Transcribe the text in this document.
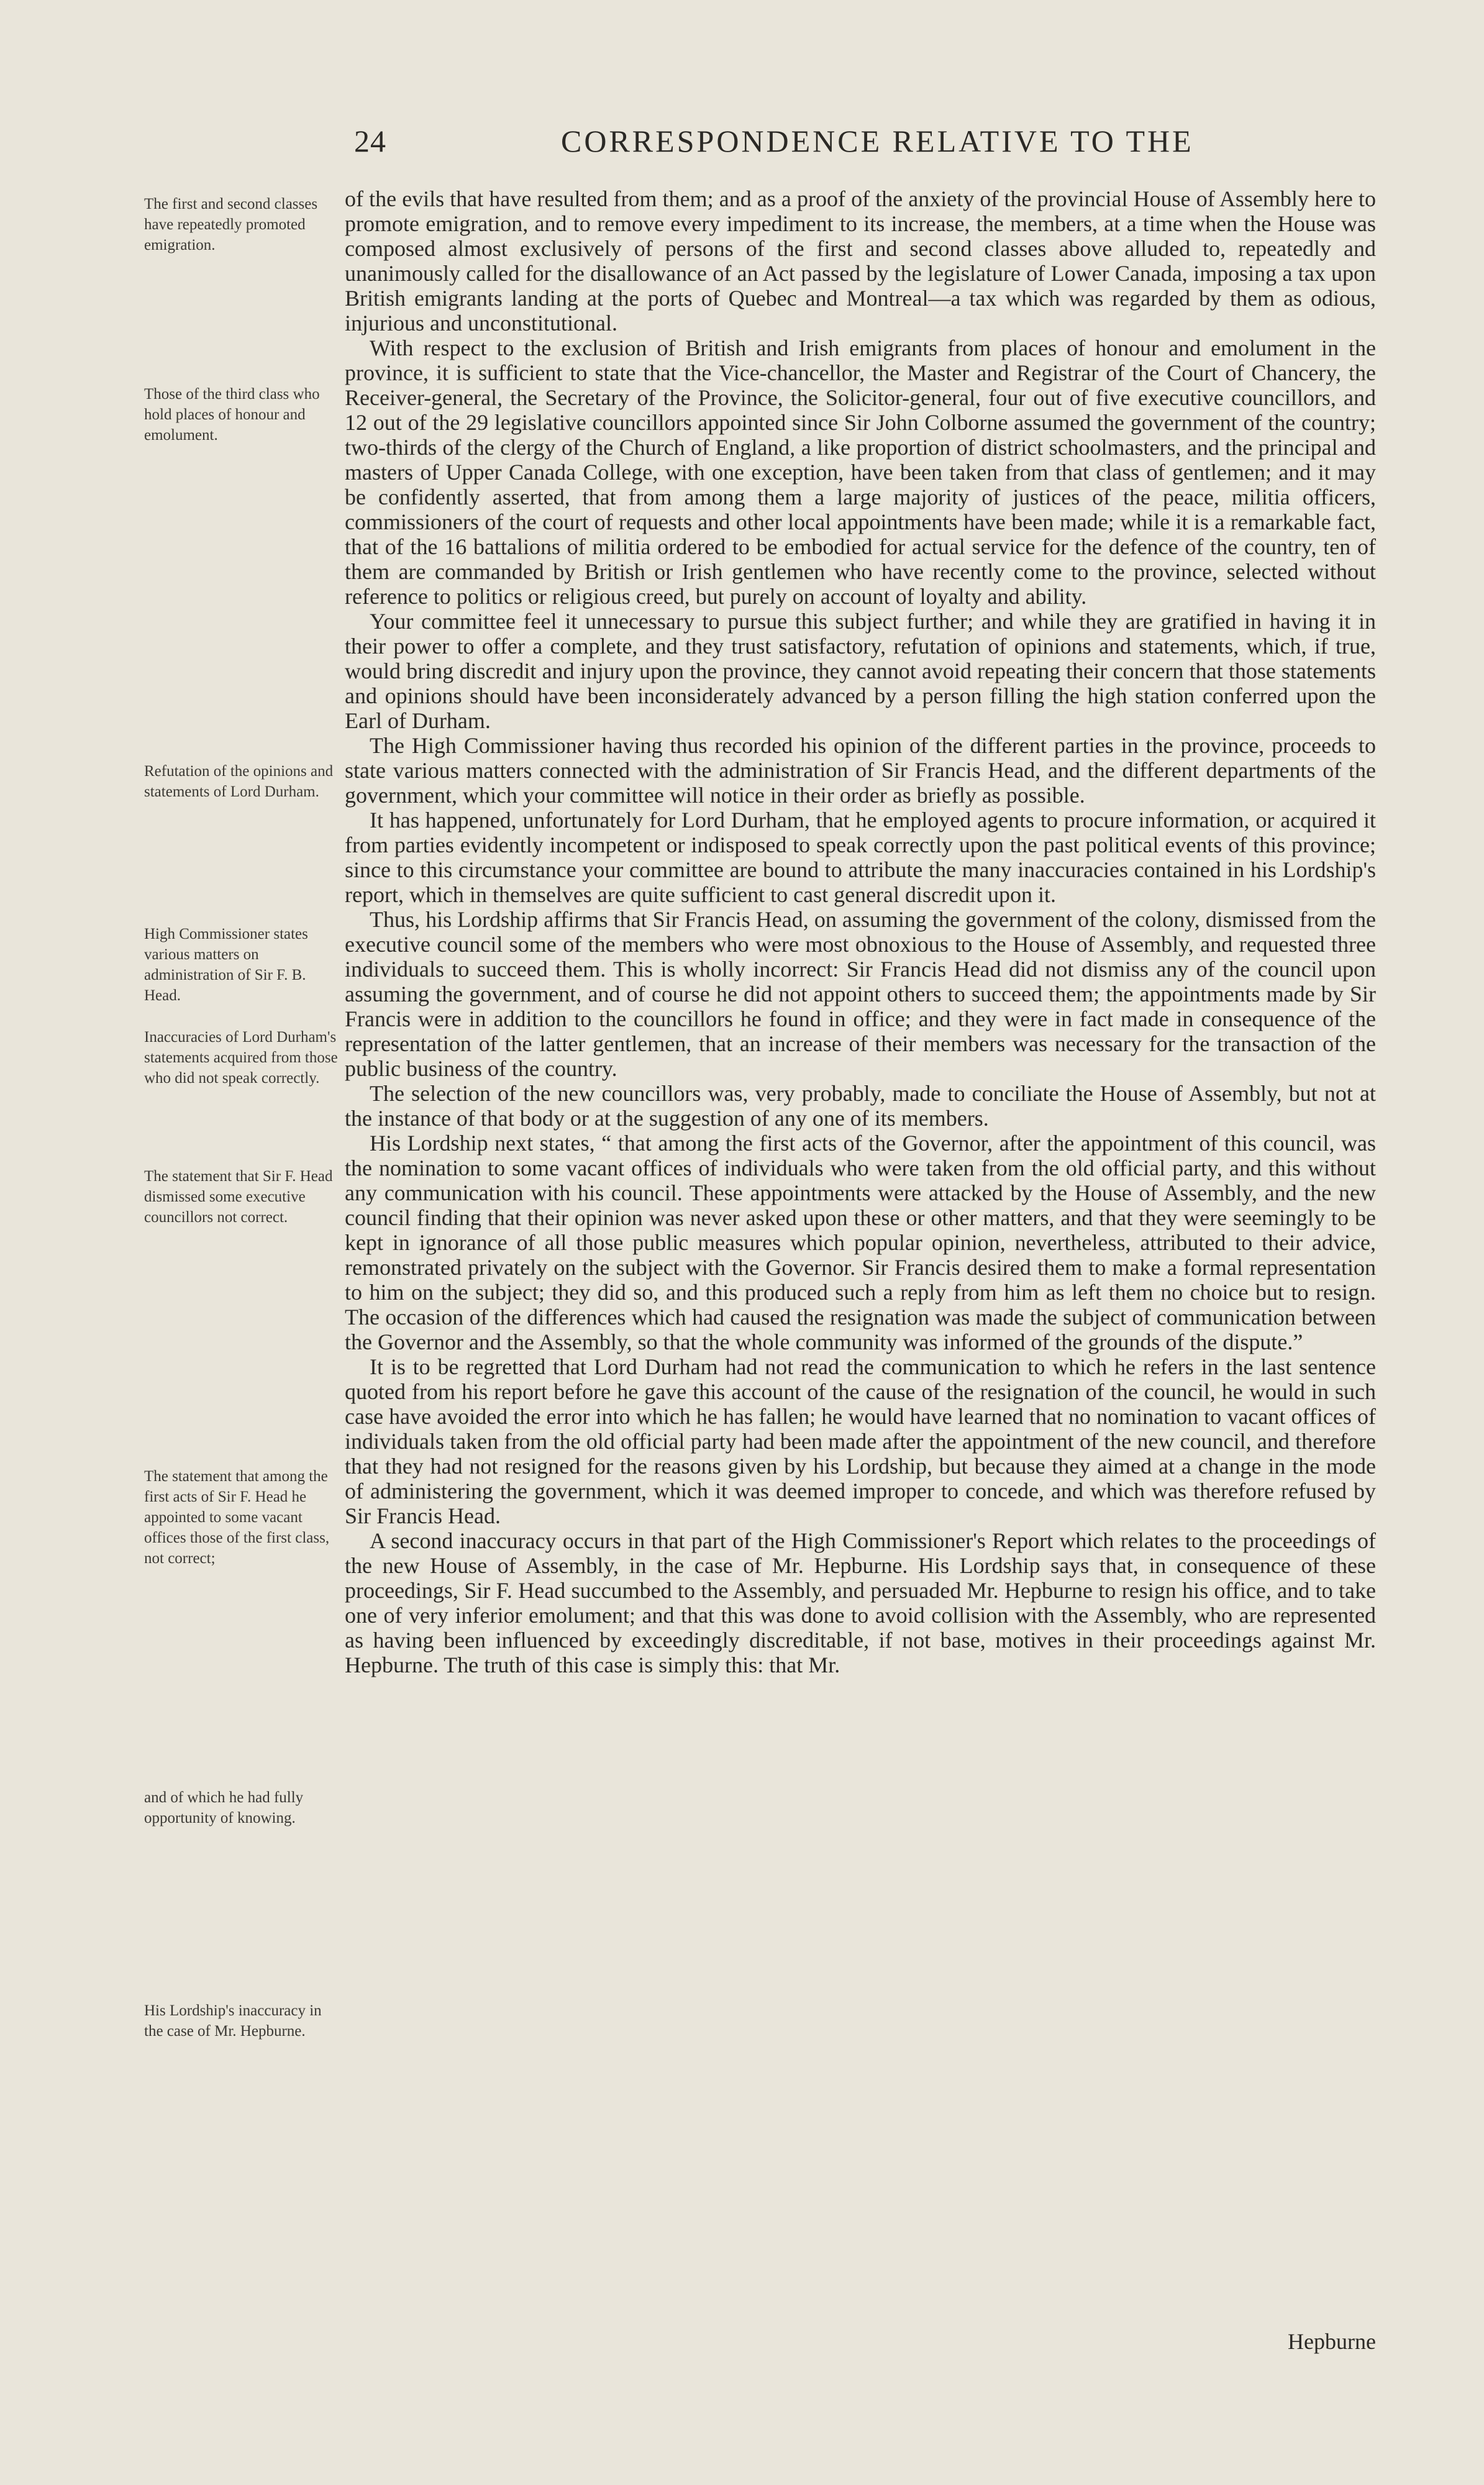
24	CORRESPONDENCE RELATIVE TO THE
The first and second classes have repeatedly promoted emigration.
Those of the third class who hold places of honour and emolument.
Refutation of the opinions and statements of Lord Durham.
High Commissioner states various matters on administration of Sir F. B. Head.
Inaccuracies of Lord Durham's statements acquired from those who did not speak correctly.
The statement that Sir F. Head dismissed some executive councillors not correct.
The statement that among the first acts of Sir F. Head he appointed to some vacant offices those of the first class, not correct;
and of which he had fully opportunity of knowing.
His Lordship's inaccuracy in the case of Mr. Hepburne.

of the evils that have resulted from them; and as a proof of the anxiety of the provincial House of Assembly here to promote emigration, and to remove every impediment to its increase, the members, at a time when the House was composed almost exclusively of persons of the first and second classes above alluded to, repeatedly and unanimously called for the disallowance of an Act passed by the legislature of Lower Canada, imposing a tax upon British emigrants landing at the ports of Quebec and Montreal—a tax which was regarded by them as odious, injurious and unconstitutional.

With respect to the exclusion of British and Irish emigrants from places of honour and emolument in the province, it is sufficient to state that the Vice-chancellor, the Master and Registrar of the Court of Chancery, the Receiver-general, the Secretary of the Province, the Solicitor-general, four out of five executive councillors, and 12 out of the 29 legislative councillors appointed since Sir John Colborne assumed the government of the country; two-thirds of the clergy of the Church of England, a like proportion of district schoolmasters, and the principal and masters of Upper Canada College, with one exception, have been taken from that class of gentlemen; and it may be confidently asserted, that from among them a large majority of justices of the peace, militia officers, commissioners of the court of requests and other local appointments have been made; while it is a remarkable fact, that of the 16 battalions of militia ordered to be embodied for actual service for the defence of the country, ten of them are commanded by British or Irish gentlemen who have recently come to the province, selected without reference to politics or religious creed, but purely on account of loyalty and ability.

Your committee feel it unnecessary to pursue this subject further; and while they are gratified in having it in their power to offer a complete, and they trust satisfactory, refutation of opinions and statements, which, if true, would bring discredit and injury upon the province, they cannot avoid repeating their concern that those statements and opinions should have been inconsiderately advanced by a person filling the high station conferred upon the Earl of Durham.

The High Commissioner having thus recorded his opinion of the different parties in the province, proceeds to state various matters connected with the administration of Sir Francis Head, and the different departments of the government, which your committee will notice in their order as briefly as possible.

It has happened, unfortunately for Lord Durham, that he employed agents to procure information, or acquired it from parties evidently incompetent or indisposed to speak correctly upon the past political events of this province; since to this circumstance your committee are bound to attribute the many inaccuracies contained in his Lordship's report, which in themselves are quite sufficient to cast general discredit upon it.

Thus, his Lordship affirms that Sir Francis Head, on assuming the government of the colony, dismissed from the executive council some of the members who were most obnoxious to the House of Assembly, and requested three individuals to succeed them. This is wholly incorrect: Sir Francis Head did not dismiss any of the council upon assuming the government, and of course he did not appoint others to succeed them; the appointments made by Sir Francis were in addition to the councillors he found in office; and they were in fact made in consequence of the representation of the latter gentlemen, that an increase of their members was necessary for the transaction of the public business of the country.

The selection of the new councillors was, very probably, made to conciliate the House of Assembly, but not at the instance of that body or at the suggestion of any one of its members.

His Lordship next states, “ that among the first acts of the Governor, after the appointment of this council, was the nomination to some vacant offices of individuals who were taken from the old official party, and this without any communication with his council. These appointments were attacked by the House of Assembly, and the new council finding that their opinion was never asked upon these or other matters, and that they were seemingly to be kept in ignorance of all those public measures which popular opinion, nevertheless, attributed to their advice, remonstrated privately on the subject with the Governor. Sir Francis desired them to make a formal representation to him on the subject; they did so, and this produced such a reply from him as left them no choice but to resign. The occasion of the differences which had caused the resignation was made the subject of communication between the Governor and the Assembly, so that the whole community was informed of the grounds of the dispute.”

It is to be regretted that Lord Durham had not read the communication to which he refers in the last sentence quoted from his report before he gave this account of the cause of the resignation of the council, he would in such case have avoided the error into which he has fallen; he would have learned that no nomination to vacant offices of individuals taken from the old official party had been made after the appointment of the new council, and therefore that they had not resigned for the reasons given by his Lordship, but because they aimed at a change in the mode of administering the government, which it was deemed improper to concede, and which was therefore refused by Sir Francis Head.

A second inaccuracy occurs in that part of the High Commissioner's Report which relates to the proceedings of the new House of Assembly, in the case of Mr. Hepburne. His Lordship says that, in consequence of these proceedings, Sir F. Head succumbed to the Assembly, and persuaded Mr. Hepburne to resign his office, and to take one of very inferior emolument; and that this was done to avoid collision with the Assembly, who are represented as having been influenced by exceedingly discreditable, if not base, motives in their proceedings against Mr. Hepburne. The truth of this case is simply this: that Mr.

Hepburne
